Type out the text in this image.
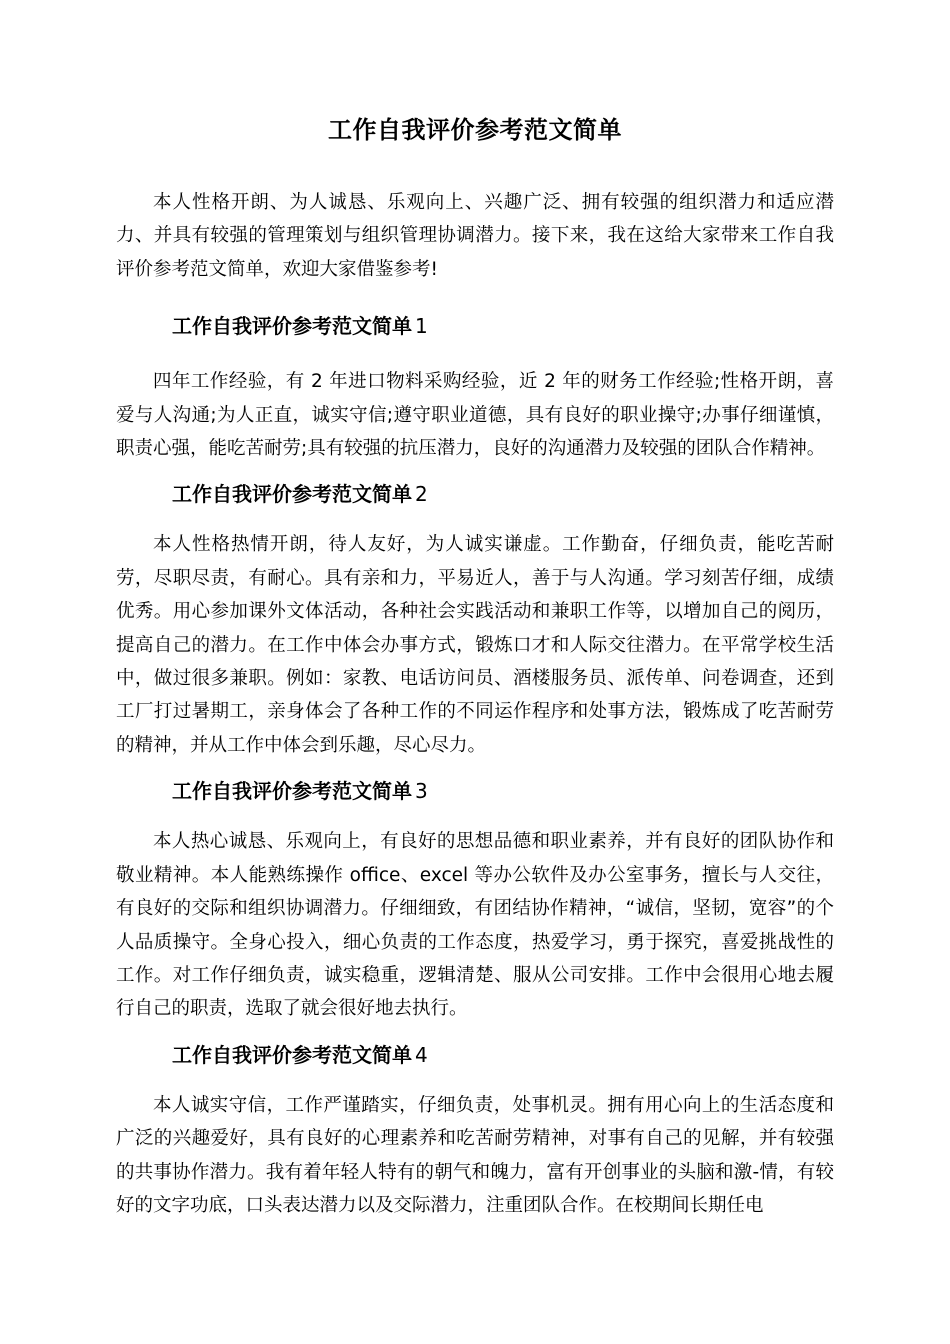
工作自我评价参考范文简单

本人性格开朗、为人诚恳、乐观向上、兴趣广泛、拥有较强的组织潜力和适应潜力、并具有较强的管理策划与组织管理协调潜力。接下来，我在这给大家带来工作自我评价参考范文简单，欢迎大家借鉴参考!

工作自我评价参考范文简单 1

四年工作经验，有 2 年进口物料采购经验，近 2 年的财务工作经验;性格开朗，喜爱与人沟通;为人正直，诚实守信;遵守职业道德，具有良好的职业操守;办事仔细谨慎，职责心强，能吃苦耐劳;具有较强的抗压潜力，良好的沟通潜力及较强的团队合作精神。

工作自我评价参考范文简单 2

本人性格热情开朗，待人友好，为人诚实谦虚。工作勤奋，仔细负责，能吃苦耐劳，尽职尽责，有耐心。具有亲和力，平易近人，善于与人沟通。学习刻苦仔细，成绩优秀。用心参加课外文体活动，各种社会实践活动和兼职工作等，以增加自己的阅历，提高自己的潜力。在工作中体会办事方式，锻炼口才和人际交往潜力。在平常学校生活中，做过很多兼职。例如：家教、电话访问员、酒楼服务员、派传单、问卷调查，还到工厂打过暑期工，亲身体会了各种工作的不同运作程序和处事方法，锻炼成了吃苦耐劳的精神，并从工作中体会到乐趣，尽心尽力。

工作自我评价参考范文简单 3

本人热心诚恳、乐观向上，有良好的思想品德和职业素养，并有良好的团队协作和敬业精神。本人能熟练操作 office、excel 等办公软件及办公室事务，擅长与人交往，有良好的交际和组织协调潜力。仔细细致，有团结协作精神，“诚信，坚韧，宽容”的个人品质操守。全身心投入，细心负责的工作态度，热爱学习，勇于探究，喜爱挑战性的工作。对工作仔细负责，诚实稳重，逻辑清楚、服从公司安排。工作中会很用心地去履行自己的职责，选取了就会很好地去执行。

工作自我评价参考范文简单 4

本人诚实守信，工作严谨踏实，仔细负责，处事机灵。拥有用心向上的生活态度和广泛的兴趣爱好，具有良好的心理素养和吃苦耐劳精神，对事有自己的见解，并有较强的共事协作潜力。我有着年轻人特有的朝气和魄力，富有开创事业的头脑和激-情，有较好的文字功底，口头表达潜力以及交际潜力，注重团队合作。在校期间长期任电
